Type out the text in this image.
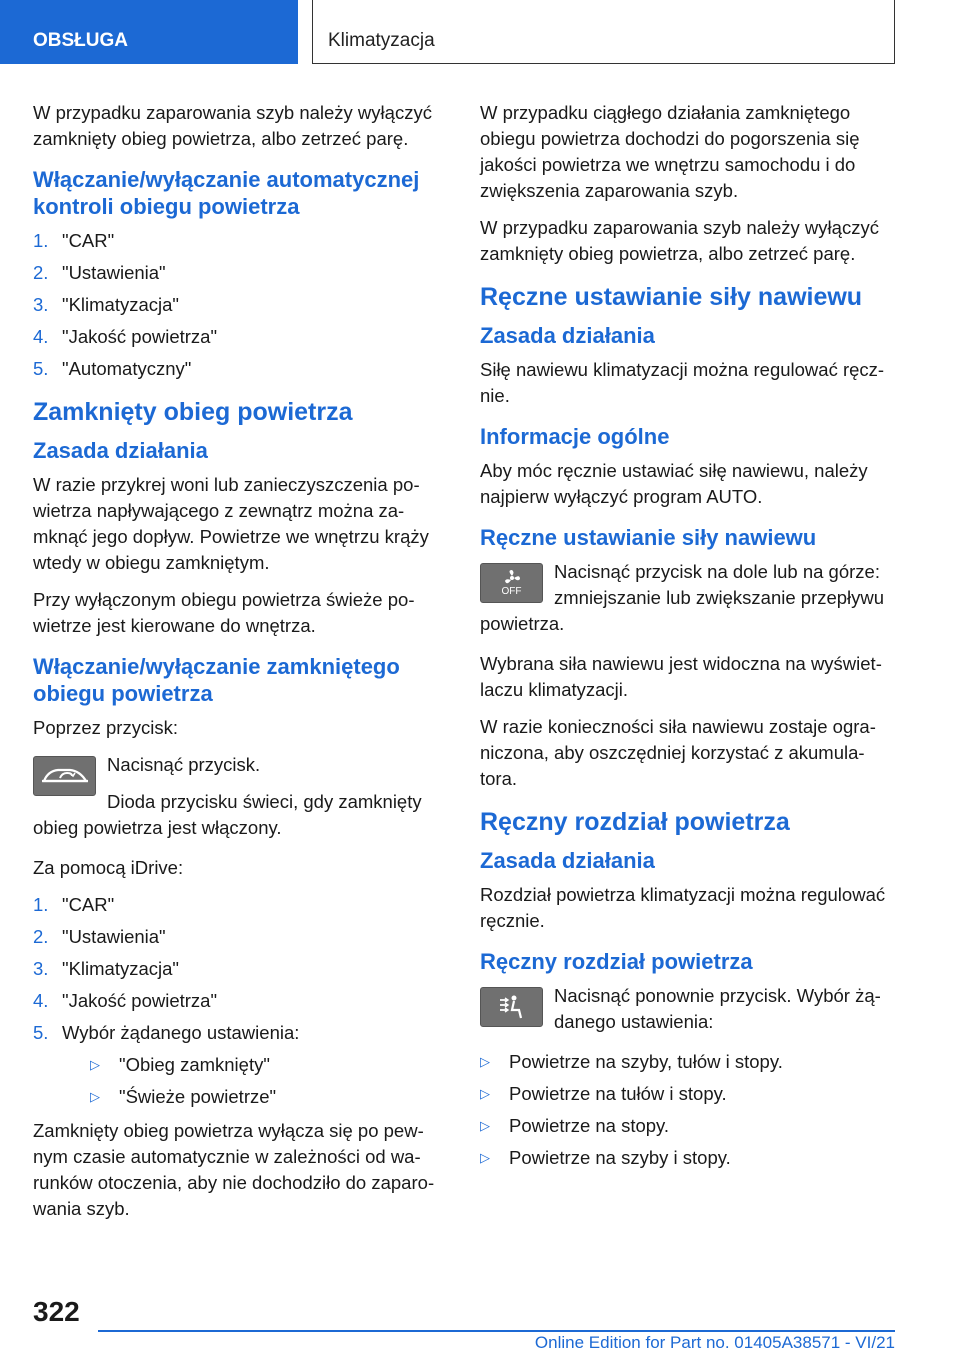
OBSŁUGA	Klimatyzacja

W przypadku zaparowania szyb należy wyłączyć zamknięty obieg powietrza, albo zetrzeć parę.

Włączanie/wyłączanie automatycznej kontroli obiegu powietrza
1. "CAR"
2. "Ustawienia"
3. "Klimatyzacja"
4. "Jakość powietrza"
5. "Automatyczny"
Zamknięty obieg powietrza
Zasada działania

W razie przykrej woni lub zanieczyszczenia powietrza napływającego z zewnątrz można zamknąć jego dopływ. Powietrze we wnętrzu krąży wtedy w obiegu zamkniętym.

Przy wyłączonym obiegu powietrza świeże powietrze jest kierowane do wnętrza.

Włączanie/wyłączanie zamkniętego obiegu powietrza

Poprzez przycisk:

Nacisnąć przycisk.

Dioda przycisku świeci, gdy zamknięty obieg powietrza jest włączony.

Za pomocą iDrive:

1. "CAR"
2. "Ustawienia"
3. "Klimatyzacja"
4. "Jakość powietrza"
5. Wybór żądanego ustawienia:
▷ "Obieg zamknięty"
▷ "Świeże powietrze"

Zamknięty obieg powietrza wyłącza się po pewnym czasie automatycznie w zależności od warunków otoczenia, aby nie dochodziło do zaparowania szyb.

W przypadku ciągłego działania zamkniętego obiegu powietrza dochodzi do pogorszenia się jakości powietrza we wnętrzu samochodu i do zwiększenia zaparowania szyb.

W przypadku zaparowania szyb należy wyłączyć zamknięty obieg powietrza, albo zetrzeć parę.

Ręczne ustawianie siły nawiewu
Zasada działania

Siłę nawiewu klimatyzacji można regulować ręcznie.

Informacje ogólne

Aby móc ręcznie ustawiać siłę nawiewu, należy najpierw wyłączyć program AUTO.

Ręczne ustawianie siły nawiewu
OFF

Nacisnąć przycisk na dole lub na górze: zmniejszanie lub zwiększanie przepływu powietrza.

Wybrana siła nawiewu jest widoczna na wyświetlaczu klimatyzacji.

W razie konieczności siła nawiewu zostaje ograniczona, aby oszczędniej korzystać z akumulatora.

Ręczny rozdział powietrza
Zasada działania

Rozdział powietrza klimatyzacji można regulować ręcznie.

Ręczny rozdział powietrza

Nacisnąć ponownie przycisk. Wybór żądanego ustawienia:

▷ Powietrze na szyby, tułów i stopy.
▷ Powietrze na tułów i stopy.
▷ Powietrze na stopy.
▷ Powietrze na szyby i stopy.
322
Online Edition for Part no. 01405A38571 - VI/21
